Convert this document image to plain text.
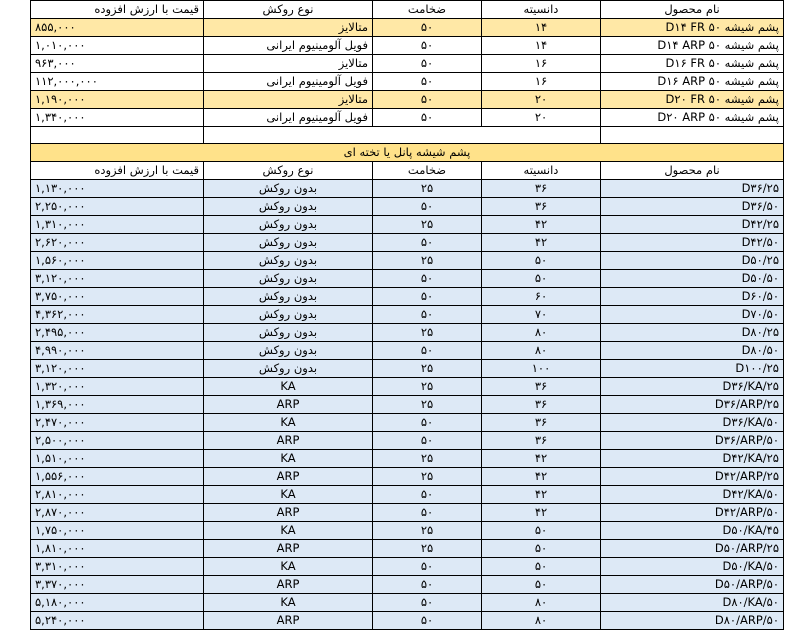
نام محصول	دانسیته	ضخامت	نوع روکش	قیمت با ارزش افزوده
پشم شیشه D۱۴ FR ۵۰	۱۴	۵۰	متالایز	۸۵۵,۰۰۰
پشم شیشه D۱۴ ARP ۵۰	۱۴	۵۰	فویل آلومینیوم ایرانی	۱,۰۱۰,۰۰۰
پشم شیشه D۱۶ FR ۵۰	۱۶	۵۰	متالایز	۹۶۳,۰۰۰
پشم شیشه D۱۶ ARP ۵۰	۱۶	۵۰	فویل آلومینیوم ایرانی	۱۱۲,۰۰۰,۰۰۰
پشم شیشه D۲۰ FR ۵۰	۲۰	۵۰	متالایز	۱,۱۹۰,۰۰۰
پشم شیشه D۲۰ ARP ۵۰	۲۰	۵۰	فویل آلومینیوم ایرانی	۱,۳۴۰,۰۰۰

پشم شیشه پانل یا تخته ای				
نام محصول	دانسیته	ضخامت	نوع روکش	قیمت با ارزش افزوده
D۳۶/۲۵	۳۶	۲۵	بدون روکش	۱,۱۳۰,۰۰۰
D۳۶/۵۰	۳۶	۵۰	بدون روکش	۲,۲۵۰,۰۰۰
D۴۲/۲۵	۴۲	۲۵	بدون روکش	۱,۳۱۰,۰۰۰
D۴۲/۵۰	۴۲	۵۰	بدون روکش	۲,۶۲۰,۰۰۰
D۵۰/۲۵	۵۰	۲۵	بدون روکش	۱,۵۶۰,۰۰۰
D۵۰/۵۰	۵۰	۵۰	بدون روکش	۳,۱۲۰,۰۰۰
D۶۰/۵۰	۶۰	۵۰	بدون روکش	۳,۷۵۰,۰۰۰
D۷۰/۵۰	۷۰	۵۰	بدون روکش	۴,۳۶۲,۰۰۰
D۸۰/۲۵	۸۰	۲۵	بدون روکش	۲,۴۹۵,۰۰۰
D۸۰/۵۰	۸۰	۵۰	بدون روکش	۴,۹۹۰,۰۰۰
D۱۰۰/۲۵	۱۰۰	۲۵	بدون روکش	۳,۱۲۰,۰۰۰
D۳۶/KA/۲۵	۳۶	۲۵	KA	۱,۳۲۰,۰۰۰
D۳۶/ARP/۲۵	۳۶	۲۵	ARP	۱,۳۶۹,۰۰۰
D۳۶/KA/۵۰	۳۶	۵۰	KA	۲,۴۷۰,۰۰۰
D۳۶/ARP/۵۰	۳۶	۵۰	ARP	۲,۵۰۰,۰۰۰
D۴۲/KA/۲۵	۴۲	۲۵	KA	۱,۵۱۰,۰۰۰
D۴۲/ARP/۲۵	۴۲	۲۵	ARP	۱,۵۵۶,۰۰۰
D۴۲/KA/۵۰	۴۲	۵۰	KA	۲,۸۱۰,۰۰۰
D۴۲/ARP/۵۰	۴۲	۵۰	ARP	۲,۸۷۰,۰۰۰
D۵۰/KA/۴۵	۵۰	۲۵	KA	۱,۷۵۰,۰۰۰
D۵۰/ARP/۲۵	۵۰	۲۵	ARP	۱,۸۱۰,۰۰۰
D۵۰/KA/۵۰	۵۰	۵۰	KA	۳,۳۱۰,۰۰۰
D۵۰/ARP/۵۰	۵۰	۵۰	ARP	۳,۳۷۰,۰۰۰
D۸۰/KA/۵۰	۸۰	۵۰	KA	۵,۱۸۰,۰۰۰
D۸۰/ARP/۵۰	۸۰	۵۰	ARP	۵,۲۴۰,۰۰۰
